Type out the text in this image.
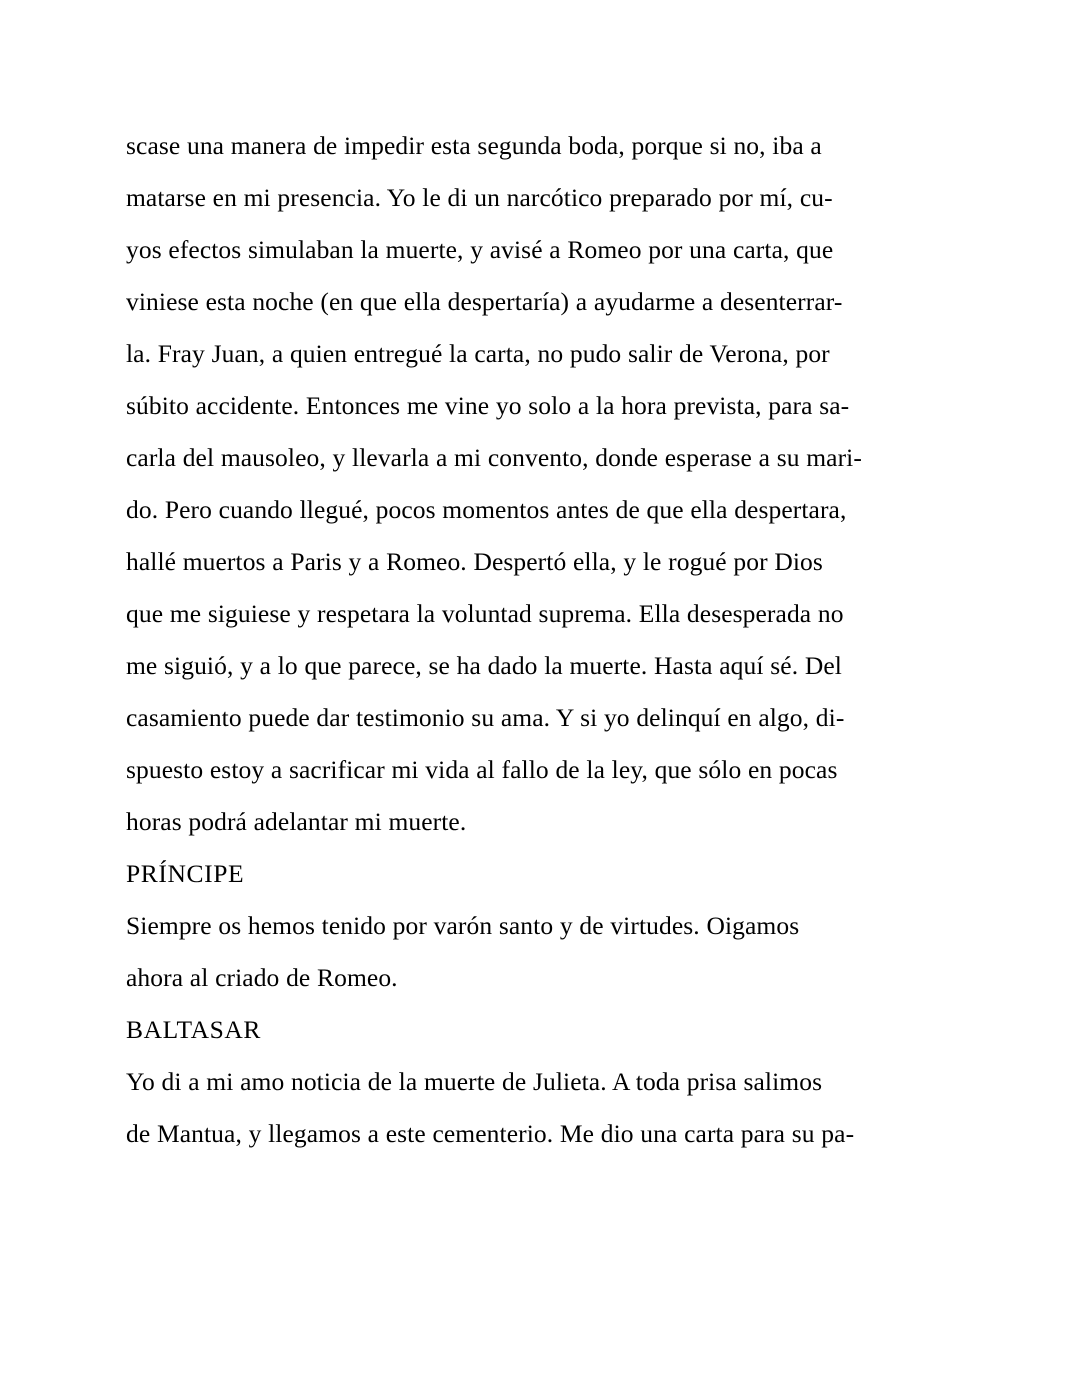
scase una manera de impedir esta segunda boda, porque si no, iba a
matarse en mi presencia. Yo le di un narcótico preparado por mí, cu-
yos efectos simulaban la muerte, y avisé a Romeo por una carta, que
viniese esta noche (en que ella despertaría) a ayudarme a desenterrar-
la. Fray Juan, a quien entregué la carta, no pudo salir de Verona, por
súbito accidente. Entonces me vine yo solo a la hora prevista, para sa-
carla del mausoleo, y llevarla a mi convento, donde esperase a su mari-
do. Pero cuando llegué, pocos momentos antes de que ella despertara,
hallé muertos a Paris y a Romeo. Despertó ella, y le rogué por Dios
que me siguiese y respetara la voluntad suprema. Ella desesperada no
me siguió, y a lo que parece, se ha dado la muerte. Hasta aquí sé. Del
casamiento puede dar testimonio su ama. Y si yo delinquí en algo, di-
spuesto estoy a sacrificar mi vida al fallo de la ley, que sólo en pocas
horas podrá adelantar mi muerte.

PRÍNCIPE

Siempre os hemos tenido por varón santo y de virtudes. Oigamos
ahora al criado de Romeo.

BALTASAR

Yo di a mi amo noticia de la muerte de Julieta. A toda prisa salimos
de Mantua, y llegamos a este cementerio. Me dio una carta para su pa-
